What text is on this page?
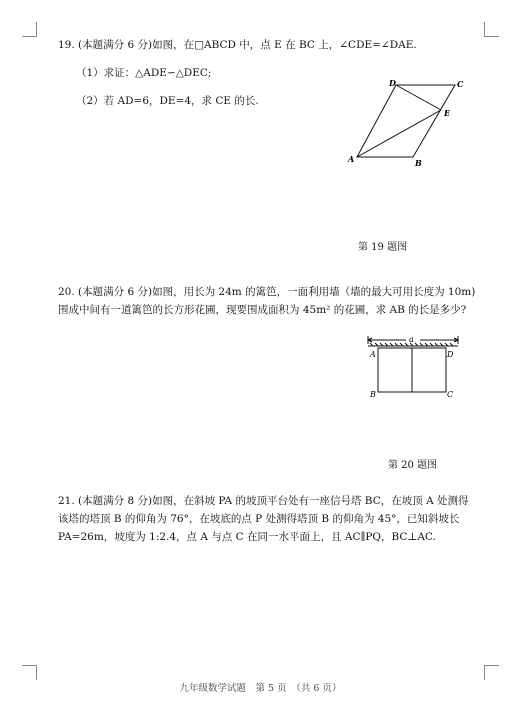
19. (本题满分 6 分)如图，在□ABCD 中，点 E 在 BC 上，∠CDE=∠DAE.
（1）求证：△ADE∽△DEC;
（2）若 AD=6，DE=4，求 CE 的长.
D	C
E
A	B
第 19 题图
20. (本题满分 6 分)如图，用长为 24m 的篱笆，一面利用墙（墙的最大可用长度为 10m)
围成中间有一道篱笆的长方形花圃，现要围成面积为 45m² 的花圃，求 AB 的长是多少?
a
A	D
B	C
第 20 题图
21. (本题满分 8 分)如图，在斜坡 PA 的坡顶平台处有一座信号塔 BC，在坡顶 A 处测得
该塔的塔顶 B 的仰角为 76°，在坡底的点 P 处测得塔顶 B 的仰角为 45°，已知斜坡长
PA=26m，坡度为 1:2.4，点 A 与点 C 在同一水平面上，且 AC∥PQ，BC⊥AC.
九年级数学试题　第 5 页　（共 6 页）
